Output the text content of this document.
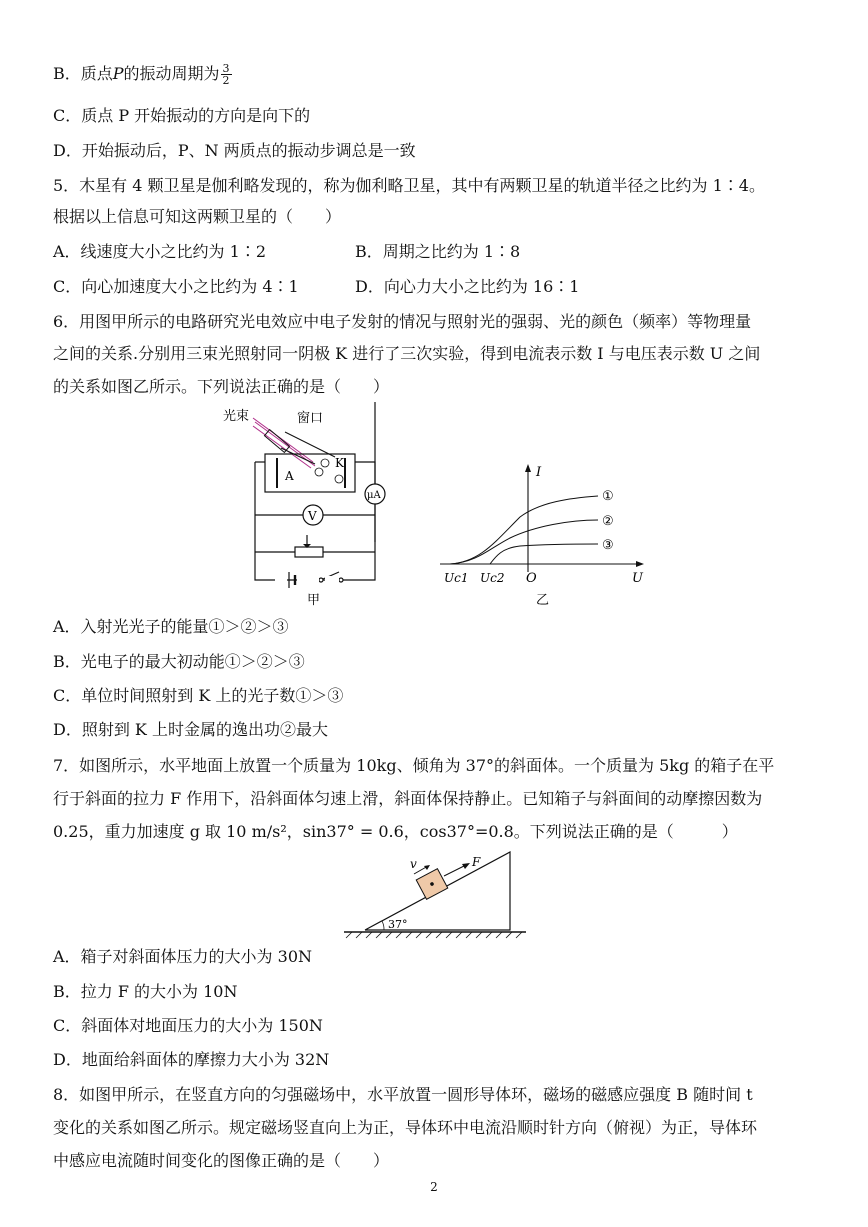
B．质点P的振动周期为 $\frac{3}{2}$
C．质点 P 开始振动的方向是向下的
D．开始振动后，P、N 两质点的振动步调总是一致
5．木星有 4 颗卫星是伽利略发现的，称为伽利略卫星，其中有两颗卫星的轨道半径之比约为 1∶4。
根据以上信息可知这两颗卫星的（　　）
A．线速度大小之比约为 1∶2	B．周期之比约为 1∶8
C．向心加速度大小之比约为 4∶1	D．向心力大小之比约为 16∶1
6．用图甲所示的电路研究光电效应中电子发射的情况与照射光的强弱、光的颜色（频率）等物理量
之间的关系.分别用三束光照射同一阴极 K 进行了三次实验，得到电流表示数 I 与电压表示数 U 之间
的关系如图乙所示。下列说法正确的是（　　）
光束	窗口
A
K
μA
V
甲
I
U
O
Uc1 Uc2
①
②
③
乙
A．入射光光子的能量①＞②＞③
B．光电子的最大初动能①＞②＞③
C．单位时间照射到 K 上的光子数①＞③
D．照射到 K 上时金属的逸出功②最大
7．如图所示，水平地面上放置一个质量为 10kg、倾角为 37°的斜面体。一个质量为 5kg 的箱子在平
行于斜面的拉力 F 作用下，沿斜面体匀速上滑，斜面体保持静止。已知箱子与斜面间的动摩擦因数为
0.25，重力加速度 g 取 10 m/s²，sin37° = 0.6，cos37°=0.8。下列说法正确的是（　　　）
37°
v	F
A．箱子对斜面体压力的大小为 30N
B．拉力 F 的大小为 10N
C．斜面体对地面压力的大小为 150N
D．地面给斜面体的摩擦力大小为 32N
8．如图甲所示，在竖直方向的匀强磁场中，水平放置一圆形导体环，磁场的磁感应强度 B 随时间 t
变化的关系如图乙所示。规定磁场竖直向上为正，导体环中电流沿顺时针方向（俯视）为正，导体环
中感应电流随时间变化的图像正确的是（　　）
2
